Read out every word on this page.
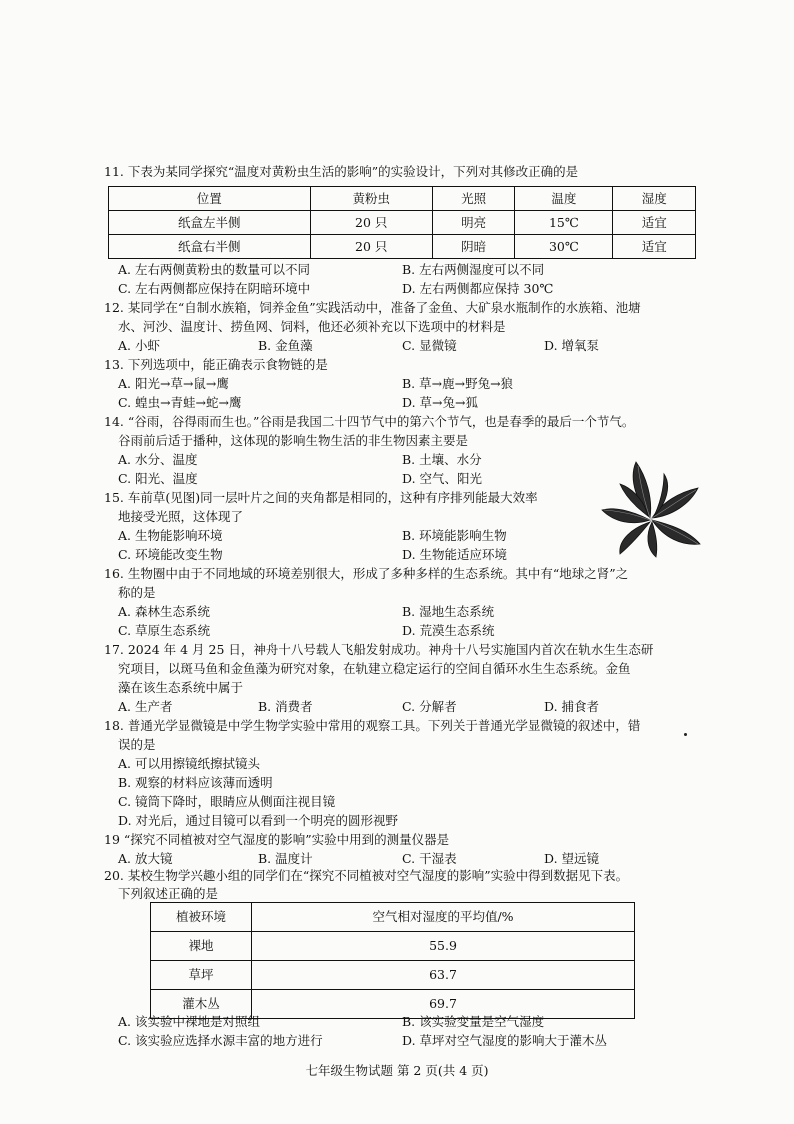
11. 下表为某同学探究“温度对黄粉虫生活的影响”的实验设计，下列对其修改正确的是
位置	黄粉虫	光照	温度	湿度
纸盒左半侧	20 只	明亮	15℃	适宜
纸盒右半侧	20 只	阴暗	30℃	适宜
A. 左右两侧黄粉虫的数量可以不同	B. 左右两侧湿度可以不同
C. 左右两侧都应保持在阴暗环境中	D. 左右两侧都应保持 30℃
12. 某同学在“自制水族箱，饲养金鱼”实践活动中，准备了金鱼、大矿泉水瓶制作的水族箱、池塘
水、河沙、温度计、捞鱼网、饲料，他还必须补充以下选项中的材料是
A. 小虾	B. 金鱼藻	C. 显微镜	D. 增氧泵
13. 下列选项中，能正确表示食物链的是
A. 阳光→草→鼠→鹰	B. 草→鹿→野兔→狼
C. 蝗虫→青蛙→蛇→鹰	D. 草→兔→狐
14. “谷雨，谷得雨而生也。”谷雨是我国二十四节气中的第六个节气，也是春季的最后一个节气。
谷雨前后适于播种，这体现的影响生物生活的非生物因素主要是
A. 水分、温度	B. 土壤、水分
C. 阳光、温度	D. 空气、阳光
15. 车前草(见图)同一层叶片之间的夹角都是相同的，这种有序排列能最大效率
地接受光照，这体现了
A. 生物能影响环境	B. 环境能影响生物
C. 环境能改变生物	D. 生物能适应环境
16. 生物圈中由于不同地域的环境差别很大，形成了多种多样的生态系统。其中有“地球之肾”之
称的是
A. 森林生态系统	B. 湿地生态系统
C. 草原生态系统	D. 荒漠生态系统
17. 2024 年 4 月 25 日，神舟十八号载人飞船发射成功。神舟十八号实施国内首次在轨水生生态研
究项目，以斑马鱼和金鱼藻为研究对象，在轨建立稳定运行的空间自循环水生生态系统。金鱼
藻在该生态系统中属于
A. 生产者	B. 消费者	C. 分解者	D. 捕食者
18. 普通光学显微镜是中学生物学实验中常用的观察工具。下列关于普通光学显微镜的叙述中，错
误的是
A. 可以用擦镜纸擦拭镜头
B. 观察的材料应该薄而透明
C. 镜筒下降时，眼睛应从侧面注视目镜
D. 对光后，通过目镜可以看到一个明亮的圆形视野
19 “探究不同植被对空气湿度的影响”实验中用到的测量仪器是
A. 放大镜	B. 温度计	C. 干湿表	D. 望远镜
20. 某校生物学兴趣小组的同学们在“探究不同植被对空气湿度的影响”实验中得到数据见下表。
下列叙述正确的是
植被环境	空气相对湿度的平均值/%
裸地	55.9
草坪	63.7
灌木丛	69.7
A. 该实验中裸地是对照组	B. 该实验变量是空气湿度
C. 该实验应选择水源丰富的地方进行	D. 草坪对空气湿度的影响大于灌木丛
七年级生物试题 第 2 页(共 4 页)
